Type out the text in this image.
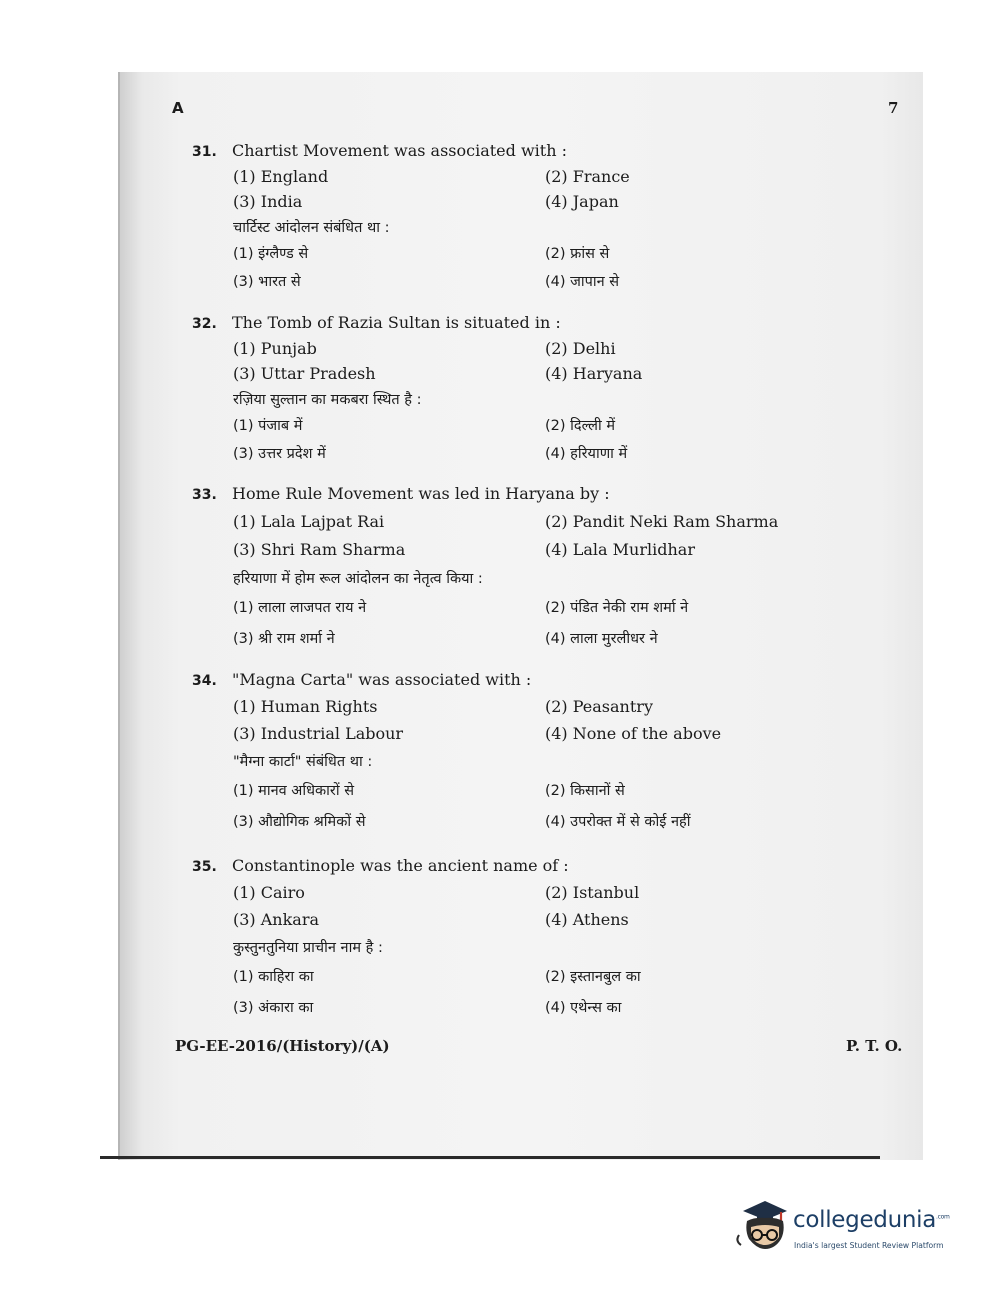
A	7
31. Chartist Movement was associated with :
(1) England	(2) France
(3) India	(4) Japan
चार्टिस्ट आंदोलन संबंधित था :
(1) इंग्लैण्ड से	(2) फ्रांस से
(3) भारत से	(4) जापान से
32. The Tomb of Razia Sultan is situated in :
(1) Punjab	(2) Delhi
(3) Uttar Pradesh	(4) Haryana
रज़िया सुल्तान का मकबरा स्थित है :
(1) पंजाब में	(2) दिल्ली में
(3) उत्तर प्रदेश में	(4) हरियाणा में
33. Home Rule Movement was led in Haryana by :
(1) Lala Lajpat Rai	(2) Pandit Neki Ram Sharma
(3) Shri Ram Sharma	(4) Lala Murlidhar
हरियाणा में होम रूल आंदोलन का नेतृत्व किया :
(1) लाला लाजपत राय ने	(2) पंडित नेकी राम शर्मा ने
(3) श्री राम शर्मा ने	(4) लाला मुरलीधर ने
34. "Magna Carta" was associated with :
(1) Human Rights	(2) Peasantry
(3) Industrial Labour	(4) None of the above
"मैग्ना कार्टा" संबंधित था :
(1) मानव अधिकारों से	(2) किसानों से
(3) औद्योगिक श्रमिकों से	(4) उपरोक्त में से कोई नहीं
35. Constantinople was the ancient name of :
(1) Cairo	(2) Istanbul
(3) Ankara	(4) Athens
कुस्तुनतुनिया प्राचीन नाम है :
(1) काहिरा का	(2) इस्तानबुल का
(3) अंकारा का	(4) एथेन्स का
PG-EE-2016/(History)/(A)	P. T. O.
collegedunia$^{.com}$
India's largest Student Review Platform
